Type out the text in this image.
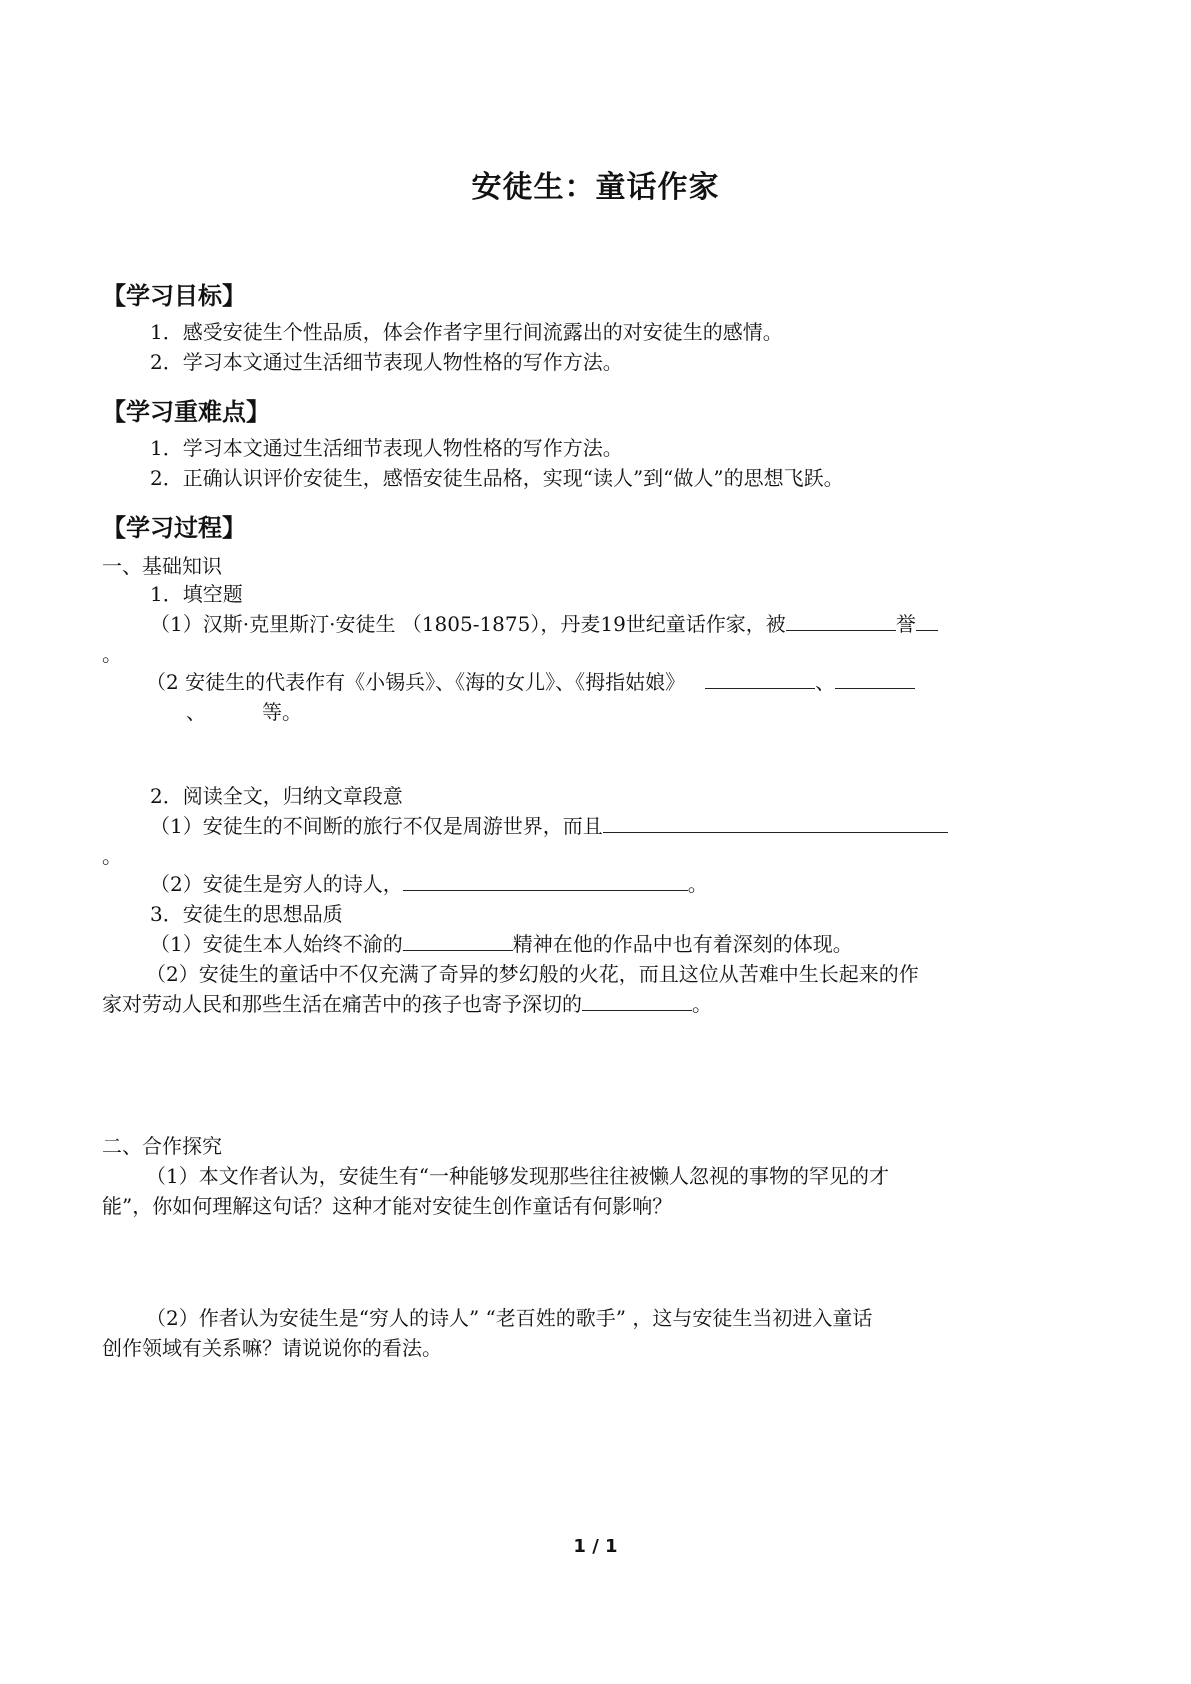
安徒生：童话作家
【学习目标】
1．感受安徒生个性品质，体会作者字里行间流露出的对安徒生的感情。
2．学习本文通过生活细节表现人物性格的写作方法。
【学习重难点】
1．学习本文通过生活细节表现人物性格的写作方法。
2．正确认识评价安徒生，感悟安徒生品格，实现“读人”到“做人”的思想飞跃。
【学习过程】
一、基础知识
1．填空题
（1）汉斯·克里斯汀·安徒生 （1805-1875），丹麦19世纪童话作家，被	誉
。
（2 安徒生的代表作有《小锡兵》、《海的女儿》、《拇指姑娘》	、
、	等。
2．阅读全文，归纳文章段意
（1）安徒生的不间断的旅行不仅是周游世界，而且
。
（2）安徒生是穷人的诗人，	。
3．安徒生的思想品质
（1）安徒生本人始终不渝的	精神在他的作品中也有着深刻的体现。
（2）安徒生的童话中不仅充满了奇异的梦幻般的火花，而且这位从苦难中生长起来的作
家对劳动人民和那些生活在痛苦中的孩子也寄予深切的	。
二、合作探究
（1）本文作者认为，安徒生有“一种能够发现那些往往被懒人忽视的事物的罕见的才
能”，你如何理解这句话？这种才能对安徒生创作童话有何影响？
（2）作者认为安徒生是“穷人的诗人” “老百姓的歌手” ，这与安徒生当初进入童话
创作领域有关系嘛？请说说你的看法。
1 / 1
